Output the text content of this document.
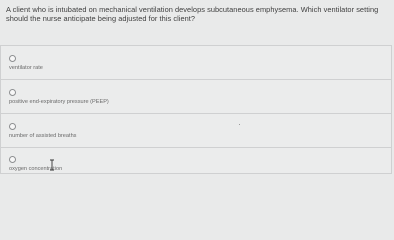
A client who is intubated on mechanical ventilation develops subcutaneous emphysema. Which ventilator setting should the nurse anticipate being adjusted for this client?
ventilator rate
positive end-expiratory pressure (PEEP)
number of assisted breaths
oxygen concentration
